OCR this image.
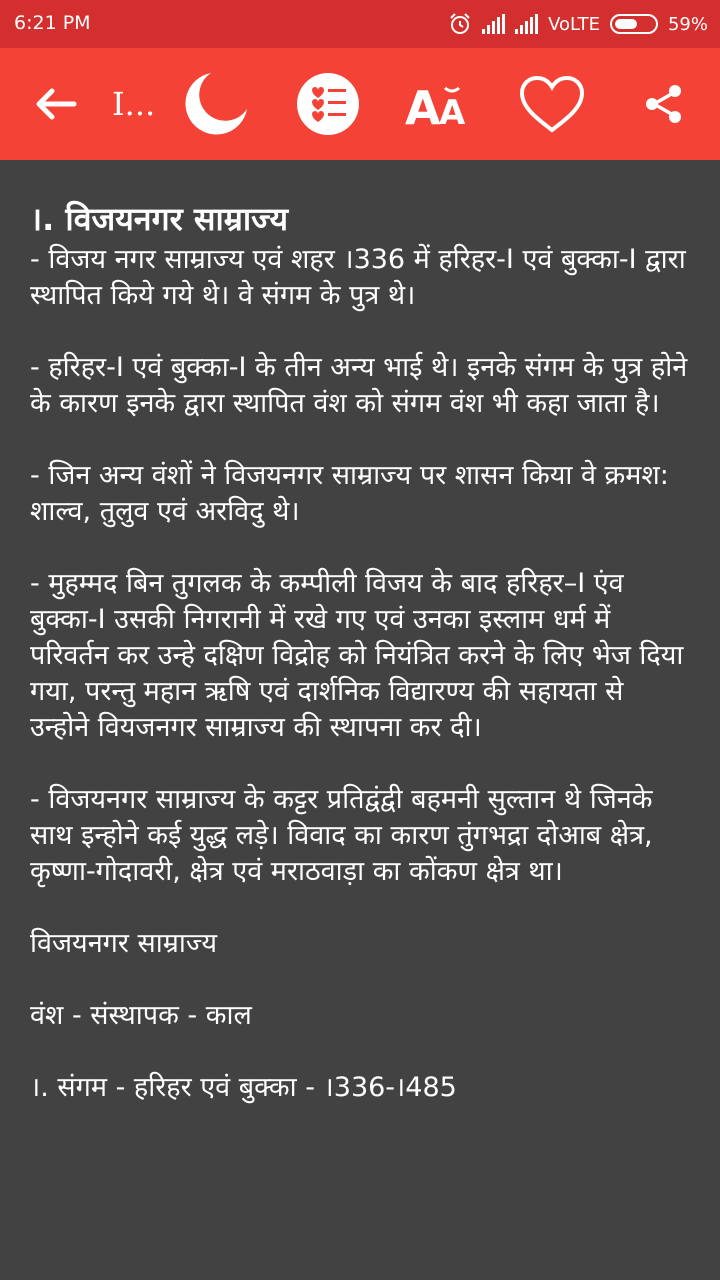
6:21 PM	VoLTE	59%
I...	A
A
।. विजयनगर साम्राज्य

- विजय नगर साम्राज्य एवं शहर ।336 में हरिहर-I एवं बुक्का-I द्वारा स्थापित किये गये थे। वे संगम के पुत्र थे।

- हरिहर-I एवं बुक्का-I के तीन अन्य भाई थे। इनके संगम के पुत्र होने के कारण इनके द्वारा स्थापित वंश को संगम वंश भी कहा जाता है।

- जिन अन्य वंशों ने विजयनगर साम्राज्य पर शासन किया वे क्रमश: शाल्व, तुलुव एवं अरविदु थे।

- मुहम्मद बिन तुगलक के कम्पीली विजय के बाद हरिहर–I एंव बुक्का-I उसकी निगरानी में रखे गए एवं उनका इस्लाम धर्म में परिवर्तन कर उन्हे दक्षिण विद्रोह को नियंत्रित करने के लिए भेज दिया गया, परन्तु महान ऋषि एवं दार्शनिक विद्यारण्य की सहायता से उन्होने वियजनगर साम्राज्य की स्थापना कर दी।

- विजयनगर साम्राज्य के कट्टर प्रतिद्वंद्वी बहमनी सुल्तान थे जिनके साथ इन्होने कई युद्ध लड़े। विवाद का कारण तुंगभद्रा दोआब क्षेत्र, कृष्णा-गोदावरी, क्षेत्र एवं मराठवाड़ा का कोंकण क्षेत्र था।

विजयनगर साम्राज्य

वंश - संस्थापक - काल

।. संगम - हरिहर एवं बुक्का - ।336-।485
